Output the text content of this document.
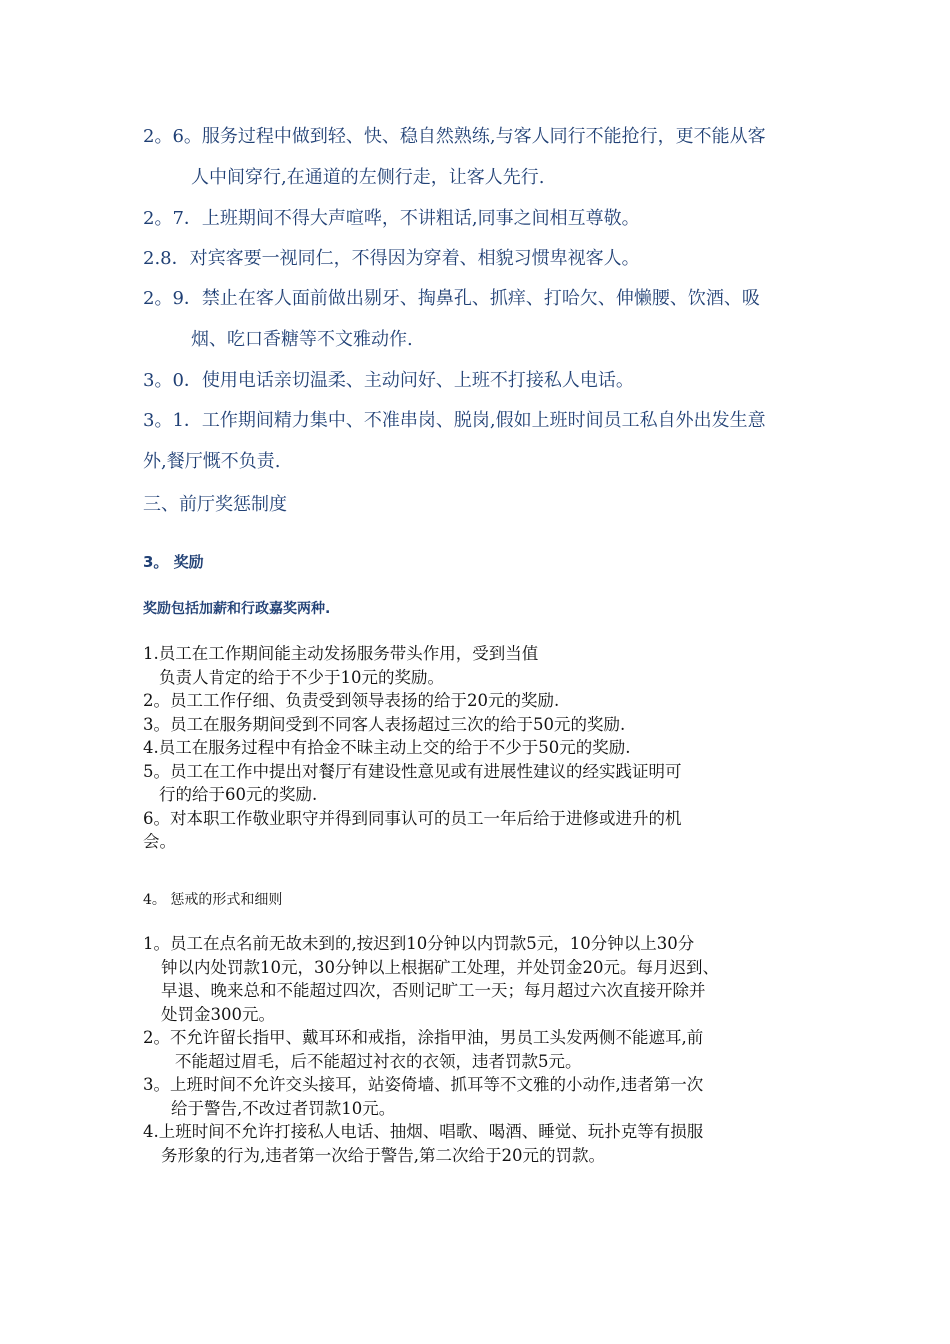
2。6。服务过程中做到轻、快、稳自然熟练,与客人同行不能抢行，更不能从客
人中间穿行,在通道的左侧行走，让客人先行.
2。7．上班期间不得大声喧哗，不讲粗话,同事之间相互尊敬。
2.8．对宾客要一视同仁，不得因为穿着、相貌习惯卑视客人。
2。9．禁止在客人面前做出剔牙、掏鼻孔、抓痒、打哈欠、伸懒腰、饮酒、吸
烟、吃口香糖等不文雅动作.
3。0．使用电话亲切温柔、主动问好、上班不打接私人电话。
3。1．工作期间精力集中、不准串岗、脱岗,假如上班时间员工私自外出发生意
外,餐厅慨不负责.
三、前厅奖惩制度
3。 奖励
奖励包括加薪和行政嘉奖两种.
1.员工在工作期间能主动发扬服务带头作用，受到当值
负责人肯定的给于不少于10元的奖励。
2。员工工作仔细、负责受到领导表扬的给于20元的奖励.
3。员工在服务期间受到不同客人表扬超过三次的给于50元的奖励.
4.员工在服务过程中有拾金不昧主动上交的给于不少于50元的奖励.
5。员工在工作中提出对餐厅有建设性意见或有进展性建议的经实践证明可
行的给于60元的奖励.
6。对本职工作敬业职守并得到同事认可的员工一年后给于进修或进升的机
会。
4。 惩戒的形式和细则
1。员工在点名前无故未到的,按迟到10分钟以内罚款5元，10分钟以上30分
钟以内处罚款10元，30分钟以上根据矿工处理，并处罚金20元。每月迟到、
早退、晚来总和不能超过四次，否则记旷工一天；每月超过六次直接开除并
处罚金300元。
2。不允许留长指甲、戴耳环和戒指，涂指甲油，男员工头发两侧不能遮耳,前
不能超过眉毛，后不能超过衬衣的衣领，违者罚款5元。
3。上班时间不允许交头接耳，站姿倚墙、抓耳等不文雅的小动作,违者第一次
给于警告,不改过者罚款10元。
4.上班时间不允许打接私人电话、抽烟、唱歌、喝酒、睡觉、玩扑克等有损服
务形象的行为,违者第一次给于警告,第二次给于20元的罚款。
